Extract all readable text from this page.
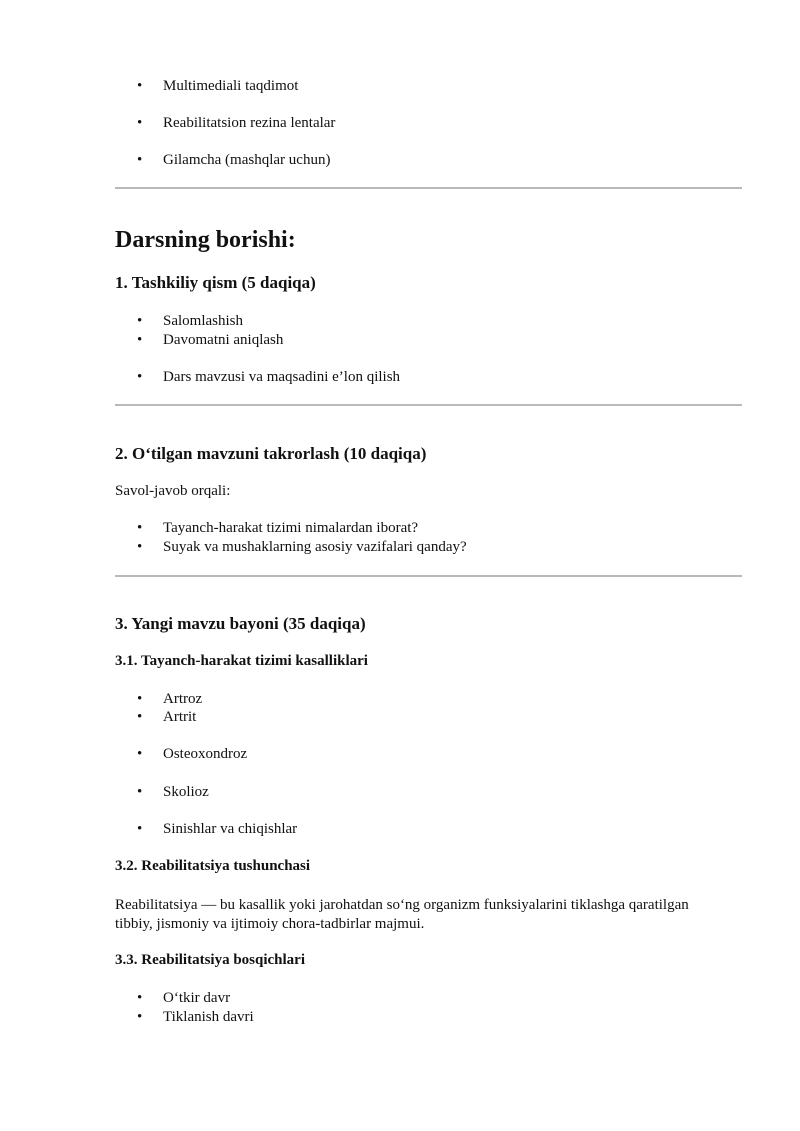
• Multimediali taqdimot
• Reabilitatsion rezina lentalar
• Gilamcha (mashqlar uchun)
Darsning borishi:
1. Tashkiliy qism (5 daqiqa)
• Salomlashish
• Davomatni aniqlash
• Dars mavzusi va maqsadini e’lon qilish
2. O‘tilgan mavzuni takrorlash (10 daqiqa)

Savol-javob orqali:

• Tayanch-harakat tizimi nimalardan iborat?
• Suyak va mushaklarning asosiy vazifalari qanday?
3. Yangi mavzu bayoni (35 daqiqa)
3.1. Tayanch-harakat tizimi kasalliklari
• Artroz
• Artrit
• Osteoxondroz
• Skolioz
• Sinishlar va chiqishlar
3.2. Reabilitatsiya tushunchasi

Reabilitatsiya — bu kasallik yoki jarohatdan so‘ng organizm funksiyalarini tiklashga qaratilgan

tibbiy, jismoniy va ijtimoiy chora-tadbirlar majmui.

3.3. Reabilitatsiya bosqichlari
• O‘tkir davr
• Tiklanish davri
